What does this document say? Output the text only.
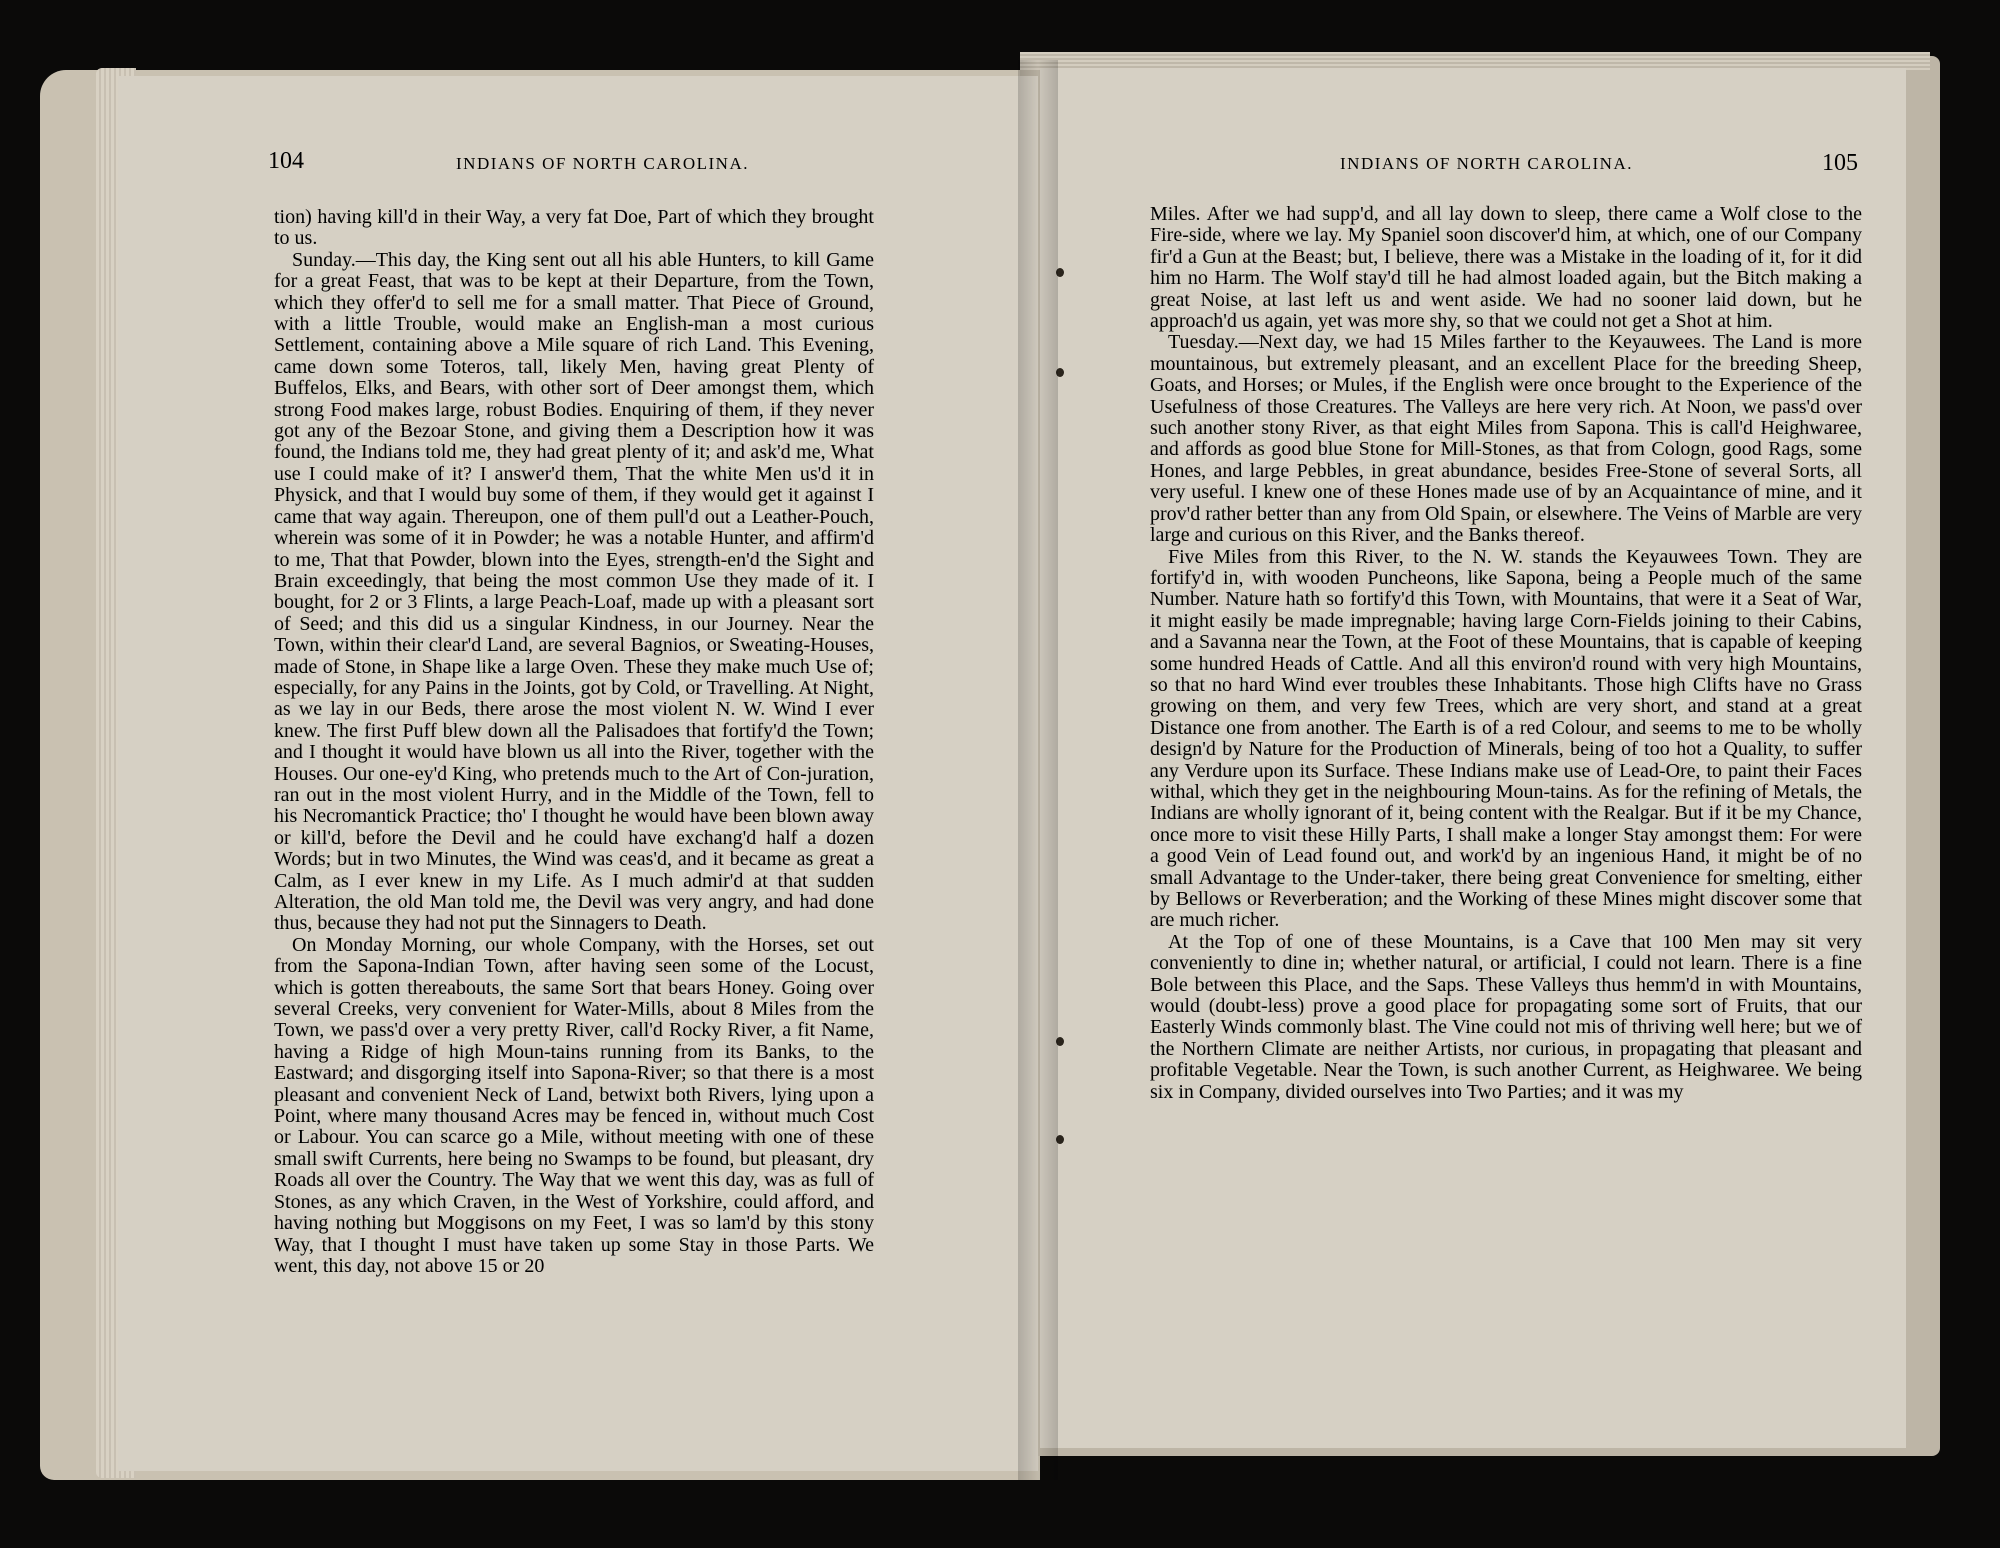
104	INDIANS OF NORTH CAROLINA.

tion) having kill'd in their Way, a very fat Doe, Part of which they brought to us.

Sunday.—This day, the King sent out all his able Hunters, to kill Game for a great Feast, that was to be kept at their Departure, from the Town, which they offer'd to sell me for a small matter. That Piece of Ground, with a little Trouble, would make an English-man a most curious Settlement, containing above a Mile square of rich Land. This Evening, came down some Toteros, tall, likely Men, having great Plenty of Buffelos, Elks, and Bears, with other sort of Deer amongst them, which strong Food makes large, robust Bodies. Enquiring of them, if they never got any of the Bezoar Stone, and giving them a Description how it was found, the Indians told me, they had great plenty of it; and ask'd me, What use I could make of it? I answer'd them, That the white Men us'd it in Physick, and that I would buy some of them, if they would get it against I came that way again. Thereupon, one of them pull'd out a Leather-Pouch, wherein was some of it in Powder; he was a notable Hunter, and affirm'd to me, That that Powder, blown into the Eyes, strength-en'd the Sight and Brain exceedingly, that being the most common Use they made of it. I bought, for 2 or 3 Flints, a large Peach-Loaf, made up with a pleasant sort of Seed; and this did us a singular Kindness, in our Journey. Near the Town, within their clear'd Land, are several Bagnios, or Sweating-Houses, made of Stone, in Shape like a large Oven. These they make much Use of; especially, for any Pains in the Joints, got by Cold, or Travelling. At Night, as we lay in our Beds, there arose the most violent N. W. Wind I ever knew. The first Puff blew down all the Palisadoes that fortify'd the Town; and I thought it would have blown us all into the River, together with the Houses. Our one-ey'd King, who pretends much to the Art of Con-juration, ran out in the most violent Hurry, and in the Middle of the Town, fell to his Necromantick Practice; tho' I thought he would have been blown away or kill'd, before the Devil and he could have exchang'd half a dozen Words; but in two Minutes, the Wind was ceas'd, and it became as great a Calm, as I ever knew in my Life. As I much admir'd at that sudden Alteration, the old Man told me, the Devil was very angry, and had done thus, because they had not put the Sinnagers to Death.

On Monday Morning, our whole Company, with the Horses, set out from the Sapona-Indian Town, after having seen some of the Locust, which is gotten thereabouts, the same Sort that bears Honey. Going over several Creeks, very convenient for Water-Mills, about 8 Miles from the Town, we pass'd over a very pretty River, call'd Rocky River, a fit Name, having a Ridge of high Moun-tains running from its Banks, to the Eastward; and disgorging itself into Sapona-River; so that there is a most pleasant and convenient Neck of Land, betwixt both Rivers, lying upon a Point, where many thousand Acres may be fenced in, without much Cost or Labour. You can scarce go a Mile, without meeting with one of these small swift Currents, here being no Swamps to be found, but pleasant, dry Roads all over the Country. The Way that we went this day, was as full of Stones, as any which Craven, in the West of Yorkshire, could afford, and having nothing but Moggisons on my Feet, I was so lam'd by this stony Way, that I thought I must have taken up some Stay in those Parts. We went, this day, not above 15 or 20

INDIANS OF NORTH CAROLINA.	105

Miles. After we had supp'd, and all lay down to sleep, there came a Wolf close to the Fire-side, where we lay. My Spaniel soon discover'd him, at which, one of our Company fir'd a Gun at the Beast; but, I believe, there was a Mistake in the loading of it, for it did him no Harm. The Wolf stay'd till he had almost loaded again, but the Bitch making a great Noise, at last left us and went aside. We had no sooner laid down, but he approach'd us again, yet was more shy, so that we could not get a Shot at him.

Tuesday.—Next day, we had 15 Miles farther to the Keyauwees. The Land is more mountainous, but extremely pleasant, and an excellent Place for the breeding Sheep, Goats, and Horses; or Mules, if the English were once brought to the Experience of the Usefulness of those Creatures. The Valleys are here very rich. At Noon, we pass'd over such another stony River, as that eight Miles from Sapona. This is call'd Heighwaree, and affords as good blue Stone for Mill-Stones, as that from Cologn, good Rags, some Hones, and large Pebbles, in great abundance, besides Free-Stone of several Sorts, all very useful. I knew one of these Hones made use of by an Acquaintance of mine, and it prov'd rather better than any from Old Spain, or elsewhere. The Veins of Marble are very large and curious on this River, and the Banks thereof.

Five Miles from this River, to the N. W. stands the Keyauwees Town. They are fortify'd in, with wooden Puncheons, like Sapona, being a People much of the same Number. Nature hath so fortify'd this Town, with Mountains, that were it a Seat of War, it might easily be made impregnable; having large Corn-Fields joining to their Cabins, and a Savanna near the Town, at the Foot of these Mountains, that is capable of keeping some hundred Heads of Cattle. And all this environ'd round with very high Mountains, so that no hard Wind ever troubles these Inhabitants. Those high Clifts have no Grass growing on them, and very few Trees, which are very short, and stand at a great Distance one from another. The Earth is of a red Colour, and seems to me to be wholly design'd by Nature for the Production of Minerals, being of too hot a Quality, to suffer any Verdure upon its Surface. These Indians make use of Lead-Ore, to paint their Faces withal, which they get in the neighbouring Moun-tains. As for the refining of Metals, the Indians are wholly ignorant of it, being content with the Realgar. But if it be my Chance, once more to visit these Hilly Parts, I shall make a longer Stay amongst them: For were a good Vein of Lead found out, and work'd by an ingenious Hand, it might be of no small Advantage to the Under-taker, there being great Convenience for smelting, either by Bellows or Reverberation; and the Working of these Mines might discover some that are much richer.

At the Top of one of these Mountains, is a Cave that 100 Men may sit very conveniently to dine in; whether natural, or artificial, I could not learn. There is a fine Bole between this Place, and the Saps. These Valleys thus hemm'd in with Mountains, would (doubt-less) prove a good place for propagating some sort of Fruits, that our Easterly Winds commonly blast. The Vine could not mis of thriving well here; but we of the Northern Climate are neither Artists, nor curious, in propagating that pleasant and profitable Vegetable. Near the Town, is such another Current, as Heighwaree. We being six in Company, divided ourselves into Two Parties; and it was my
